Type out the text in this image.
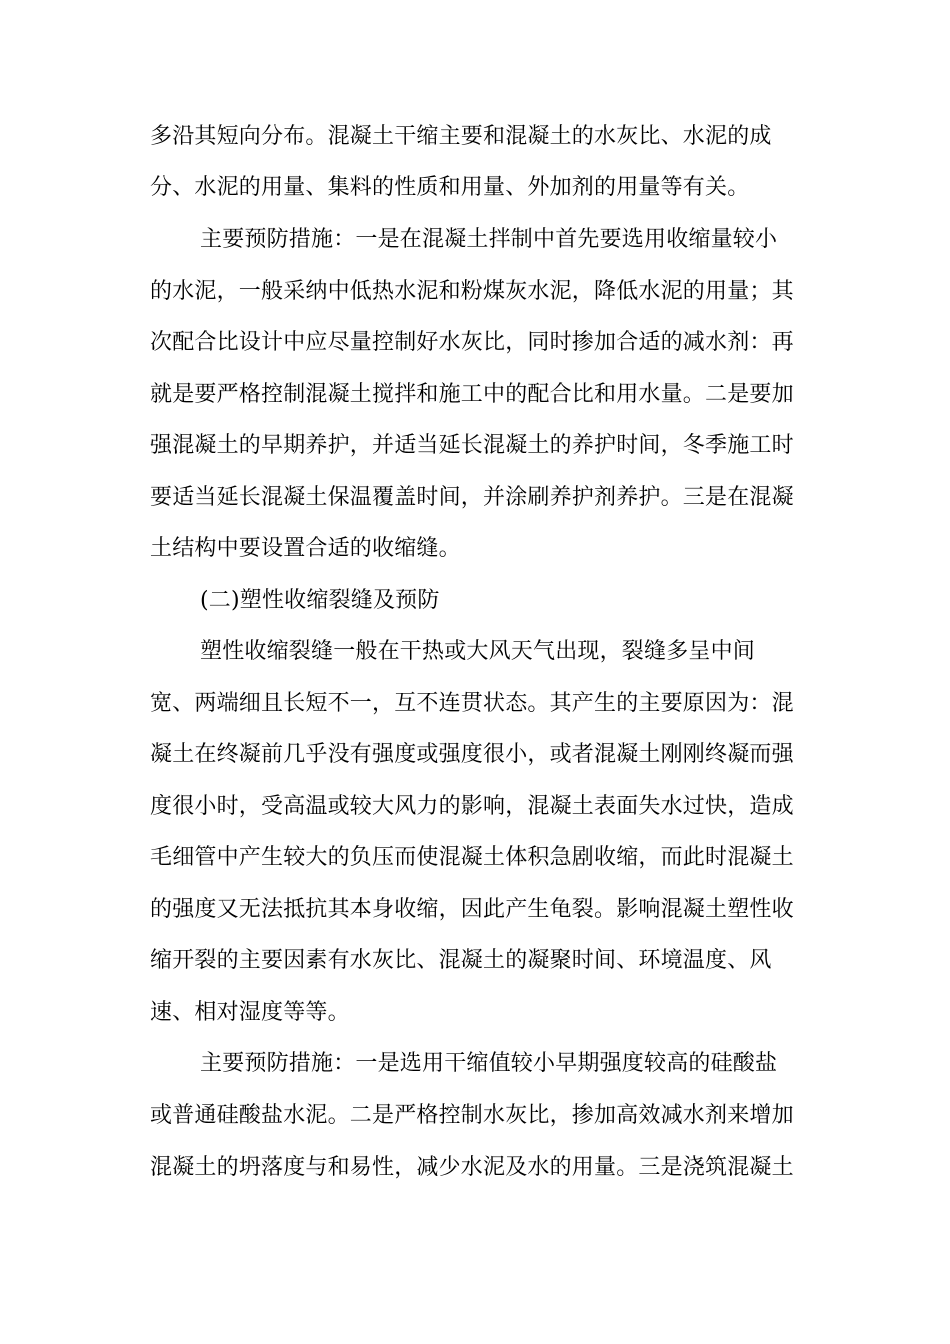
多沿其短向分布。混凝土干缩主要和混凝土的水灰比、水泥的成
分、水泥的用量、集料的性质和用量、外加剂的用量等有关。
主要预防措施：一是在混凝土拌制中首先要选用收缩量较小
的水泥，一般采纳中低热水泥和粉煤灰水泥，降低水泥的用量；其
次配合比设计中应尽量控制好水灰比，同时掺加合适的减水剂：再
就是要严格控制混凝土搅拌和施工中的配合比和用水量。二是要加
强混凝土的早期养护，并适当延长混凝土的养护时间，冬季施工时
要适当延长混凝土保温覆盖时间，并涂刷养护剂养护。三是在混凝
土结构中要设置合适的收缩缝。
(二)塑性收缩裂缝及预防
塑性收缩裂缝一般在干热或大风天气出现，裂缝多呈中间
宽、两端细且长短不一，互不连贯状态。其产生的主要原因为：混
凝土在终凝前几乎没有强度或强度很小，或者混凝土刚刚终凝而强
度很小时，受高温或较大风力的影响，混凝土表面失水过快，造成
毛细管中产生较大的负压而使混凝土体积急剧收缩，而此时混凝土
的强度又无法抵抗其本身收缩，因此产生龟裂。影响混凝土塑性收
缩开裂的主要因素有水灰比、混凝土的凝聚时间、环境温度、风
速、相对湿度等等。
主要预防措施：一是选用干缩值较小早期强度较高的硅酸盐
或普通硅酸盐水泥。二是严格控制水灰比，掺加高效减水剂来增加
混凝土的坍落度与和易性，减少水泥及水的用量。三是浇筑混凝土
